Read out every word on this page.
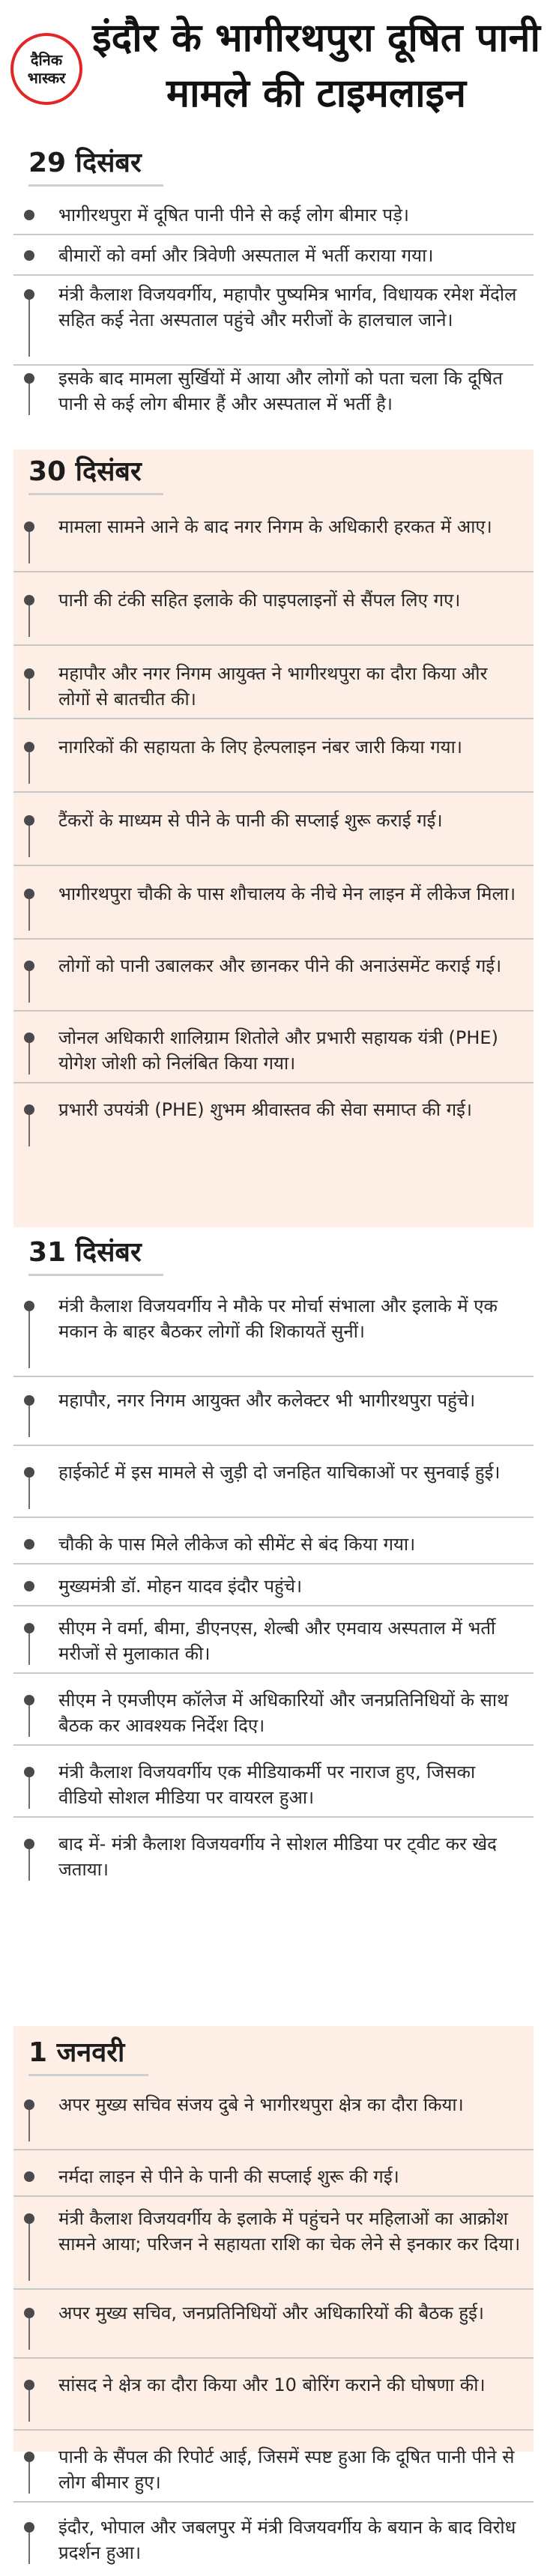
दैनिक
भास्कर
इंदौर के भागीरथपुरा दूषित पानी मामले की टाइमलाइन
29 दिसंबर
भागीरथपुरा में दूषित पानी पीने से कई लोग बीमार पड़े।
बीमारों को वर्मा और त्रिवेणी अस्पताल में भर्ती कराया गया।
मंत्री कैलाश विजयवर्गीय, महापौर पुष्यमित्र भार्गव, विधायक रमेश मेंदोल सहित कई नेता अस्पताल पहुंचे और मरीजों के हालचाल जाने।
इसके बाद मामला सुर्खियों में आया और लोगों को पता चला कि दूषित पानी से कई लोग बीमार हैं और अस्पताल में भर्ती है।
30 दिसंबर
मामला सामने आने के बाद नगर निगम के अधिकारी हरकत में आए।
पानी की टंकी सहित इलाके की पाइपलाइनों से सैंपल लिए गए।
महापौर और नगर निगम आयुक्त ने भागीरथपुरा का दौरा किया और लोगों से बातचीत की।
नागरिकों की सहायता के लिए हेल्पलाइन नंबर जारी किया गया।
टैंकरों के माध्यम से पीने के पानी की सप्लाई शुरू कराई गई।
भागीरथपुरा चौकी के पास शौचालय के नीचे मेन लाइन में लीकेज मिला।
लोगों को पानी उबालकर और छानकर पीने की अनाउंसमेंट कराई गई।
जोनल अधिकारी शालिग्राम शितोले और प्रभारी सहायक यंत्री (PHE) योगेश जोशी को निलंबित किया गया।
प्रभारी उपयंत्री (PHE) शुभम श्रीवास्तव की सेवा समाप्त की गई।
31 दिसंबर
मंत्री कैलाश विजयवर्गीय ने मौके पर मोर्चा संभाला और इलाके में एक मकान के बाहर बैठकर लोगों की शिकायतें सुनीं।
महापौर, नगर निगम आयुक्त और कलेक्टर भी भागीरथपुरा पहुंचे।
हाईकोर्ट में इस मामले से जुड़ी दो जनहित याचिकाओं पर सुनवाई हुई।
चौकी के पास मिले लीकेज को सीमेंट से बंद किया गया।
मुख्यमंत्री डॉ. मोहन यादव इंदौर पहुंचे।
सीएम ने वर्मा, बीमा, डीएनएस, शेल्बी और एमवाय अस्पताल में भर्ती मरीजों से मुलाकात की।
सीएम ने एमजीएम कॉलेज में अधिकारियों और जनप्रतिनिधियों के साथ बैठक कर आवश्यक निर्देश दिए।
मंत्री कैलाश विजयवर्गीय एक मीडियाकर्मी पर नाराज हुए, जिसका वीडियो सोशल मीडिया पर वायरल हुआ।
बाद में- मंत्री कैलाश विजयवर्गीय ने सोशल मीडिया पर ट्वीट कर खेद जताया।
1 जनवरी
अपर मुख्य सचिव संजय दुबे ने भागीरथपुरा क्षेत्र का दौरा किया।
नर्मदा लाइन से पीने के पानी की सप्लाई शुरू की गई।
मंत्री कैलाश विजयवर्गीय के इलाके में पहुंचने पर महिलाओं का आक्रोश सामने आया; परिजन ने सहायता राशि का चेक लेने से इनकार कर दिया।
अपर मुख्य सचिव, जनप्रतिनिधियों और अधिकारियों की बैठक हुई।
सांसद ने क्षेत्र का दौरा किया और 10 बोरिंग कराने की घोषणा की।
पानी के सैंपल की रिपोर्ट आई, जिसमें स्पष्ट हुआ कि दूषित पानी पीने से लोग बीमार हुए।
इंदौर, भोपाल और जबलपुर में मंत्री विजयवर्गीय के बयान के बाद विरोध प्रदर्शन हुआ।
